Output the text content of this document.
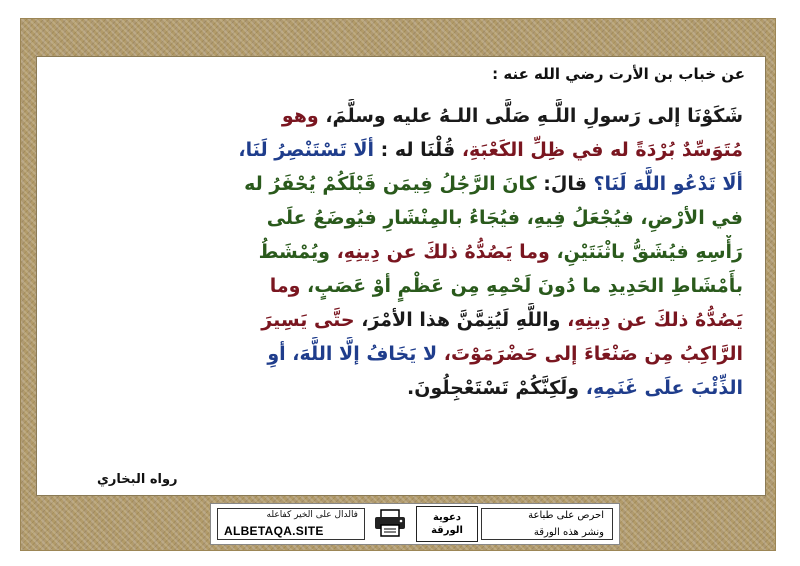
عن خباب بن الأرت رضي الله عنه :
شَكَوْنَا إلى رَسولِ اللَّـهِ صَلَّى اللـهُ عليه وسلَّمَ، وهو
مُتَوَسِّدٌ بُرْدَةً له في ظِلِّ الكَعْبَةِ، قُلْنَا له : ألَا تَسْتَنْصِرُ لَنَا،
ألَا تَدْعُو اللَّهَ لَنَا؟ قالَ: كانَ الرَّجُلُ فِيمَن قَبْلَكُمْ يُحْفَرُ له
في الأرْضِ، فيُجْعَلُ فِيهِ، فيُجَاءُ بالمِنْشَارِ فيُوضَعُ علَى
رَأْسِهِ فيُشَقُّ باثْنَتَيْنِ، وما يَصُدُّهُ ذلكَ عن دِينِهِ، ويُمْشَطُ
بأَمْشَاطِ الحَدِيدِ ما دُونَ لَحْمِهِ مِن عَظْمٍ أوْ عَصَبٍ، وما
يَصُدُّهُ ذلكَ عن دِينِهِ، واللَّهِ لَيُتِمَّنَّ هذا الأمْرَ، حتَّى يَسِيرَ
الرَّاكِبُ مِن صَنْعَاءَ إلى حَضْرَمَوْتَ، لا يَخَافُ إلَّا اللَّهَ، أوِ
الذِّئْبَ علَى غَنَمِهِ، ولَكِنَّكُمْ تَسْتَعْجِلُونَ.
رواه البخاري
فالدال على الخير كفاعله
ALBETAQA.SITE
دعوية
الورقة
احرص على طباعة
ونشر هذه الورقة
